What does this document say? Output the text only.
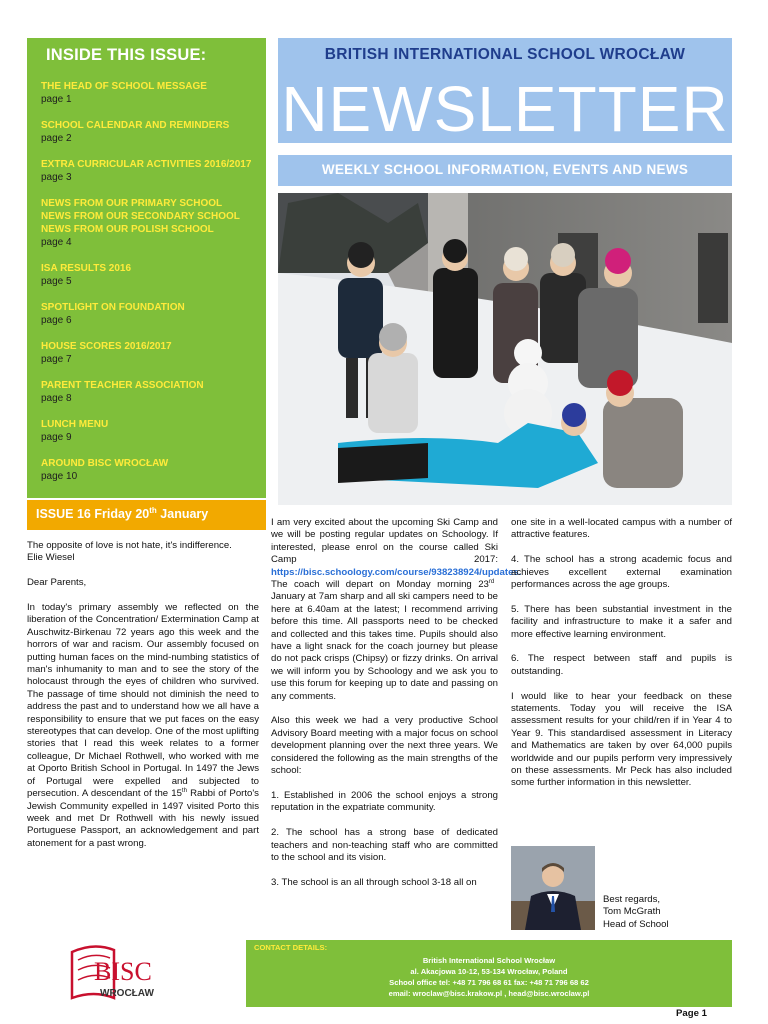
INSIDE THIS ISSUE:
THE HEAD OF SCHOOL MESSAGE
page 1
SCHOOL CALENDAR AND REMINDERS
page 2
EXTRA CURRICULAR ACTIVITIES 2016/2017
page 3
NEWS FROM OUR PRIMARY SCHOOL
NEWS FROM OUR SECONDARY SCHOOL
NEWS FROM OUR POLISH SCHOOL
page 4
ISA RESULTS 2016
page 5
SPOTLIGHT ON FOUNDATION
page 6
HOUSE SCORES 2016/2017
page 7
PARENT TEACHER ASSOCIATION
page 8
LUNCH MENU
page 9
AROUND BISC WROCŁAW
page 10
ISSUE 16 Friday 20th January
BRITISH INTERNATIONAL SCHOOL WROCŁAW
NEWSLETTER
WEEKLY SCHOOL INFORMATION, EVENTS AND NEWS

The opposite of love is not hate, it's indifference.
Elie Wiesel

Dear Parents,

In today's primary assembly we reflected on the liberation of the Concentration/ Extermination Camp at Auschwitz-Birkenau 72 years ago this week and the horrors of war and racism. Our assembly focused on putting human faces on the mind-numbing statistics of man's inhumanity to man and to see the story of the holocaust through the eyes of children who survived. The passage of time should not diminish the need to address the past and to understand how we all have a responsibility to ensure that we put faces on the easy stereotypes that can develop. One of the most uplifting stories that I read this week relates to a former colleague, Dr Michael Rothwell, who worked with me at Oporto British School in Portugal. In 1497 the Jews of Portugal were expelled and subjected to persecution. A descendant of the 15th Rabbi of Porto's Jewish Community expelled in 1497 visited Porto this week and met Dr Rothwell with his newly issued Portuguese Passport, an acknowledgement and part atonement for a past wrong.

I am very excited about the upcoming Ski Camp and we will be posting regular updates on Schoology. If interested, please enrol on the course called Ski Camp 2017: https://bisc.schoology.com/course/938238924/updates. The coach will depart on Monday morning 23rd January at 7am sharp and all ski campers need to be here at 6.40am at the latest; I recommend arriving before this time. All passports need to be checked and collected and this takes time. Pupils should also have a light snack for the coach journey but please do not pack crisps (Chipsy) or fizzy drinks. On arrival we will inform you by Schoology and we ask you to use this forum for keeping up to date and passing on any comments.

Also this week we had a very productive School Advisory Board meeting with a major focus on school development planning over the next three years. We considered the following as the main strengths of the school:

1. Established in 2006 the school enjoys a strong reputation in the expatriate community.

2. The school has a strong base of dedicated teachers and non-teaching staff who are committed to the school and its vision.

3. The school is an all through school 3-18 all on

one site in a well-located campus with a number of attractive features.

4. The school has a strong academic focus and achieves excellent external examination performances across the age groups.

5. There has been substantial investment in the facility and infrastructure to make it a safer and more effective learning environment.

6. The respect between staff and pupils is outstanding.

I would like to hear your feedback on these statements. Today you will receive the ISA assessment results for your child/ren if in Year 4 to Year 9. This standardised assessment in Literacy and Mathematics are taken by over 64,000 pupils worldwide and our pupils perform very impressively on these assessments. Mr Peck has also included some further information in this newsletter.

Best regards,
Tom McGrath
Head of School
BISC
WROCŁAW
CONTACT DETAILS:
British International School Wrocław
al. Akacjowa 10-12, 53-134 Wrocław, Poland
School office tel: +48 71 796 68 61 fax: +48 71 796 68 62
email: wroclaw@bisc.krakow.pl , head@bisc.wroclaw.pl
Page 1
